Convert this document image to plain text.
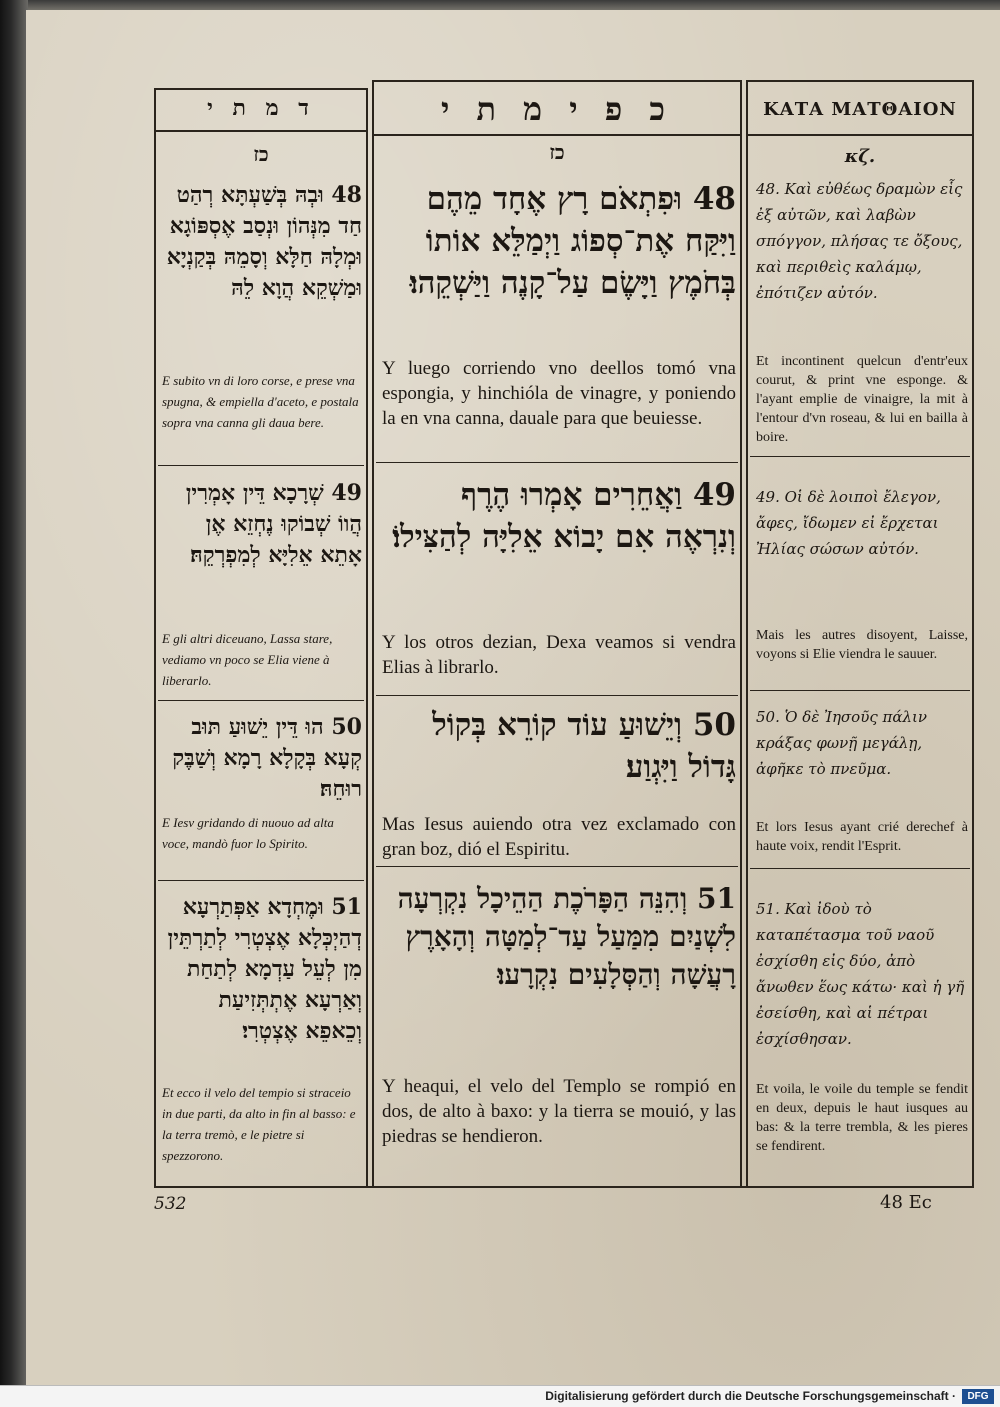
ד מ ת י	כ פ י מ ת י	ΚΑΤΑ ΜΑΤΘΑΙΟΝ
כז	כז	κζ.
48 וּבְהּ בְּשַׁעְתָּא רְהַט חַד מִנְּהוֹן וּנְסַב אֶסְפּוֹגָא וּמְלָהּ חַלָּא וְסָמֵהּ בְּקַנְיָא וּמַשְׁקֵא הֲוָא לֵהּ
E subito vn di loro corse, e prese vna spugna, & empiella d'aceto, e postala sopra vna canna gli daua bere.
48 וּפִתְאֹם רָץ אֶחָד מֵהֶם וַיִּקַּח אֶת־סְפוֹג וַיְמַלֵּא אוֹתוֹ בְּחֹמֶץ וַיָּשֶׂם עַל־קָנֶה וַיַּשְׁקֵהוּ׃
Y luego corriendo vno deellos tomó vna espongia, y hinchióla de vinagre, y poniendo la en vna canna, dauale para que beuiesse.
48. Καὶ εὐθέως δραμὼν εἷς ἐξ αὐτῶν, καὶ λαβὼν σπόγγον, πλήσας τε ὄξους, καὶ περιθεὶς καλάμῳ, ἐπότιζεν αὐτόν.
Et incontinent quelcun d'entr'eux courut, & print vne esponge. & l'ayant emplie de vinaigre, la mit à l'entour d'vn roseau, & lui en bailla à boire.
49 שְׁרָכָא דֵּין אָמְרִין הֲווֹ שְׁבוֹקוּ נֶחְזֵא אֶן אָתֵא אֵלִיָּא לְמִפְרְקֵהּ׃
E gli altri diceuano, Lassa stare, vediamo vn poco se Elia viene à liberarlo.
49 וַאֲחֵרִים אָמְרוּ הֶרֶף וְנִרְאֶה אִם יָבוֹא אֵלִיָּה לְהַצִּילוֹ׃
Y los otros dezian, Dexa veamos si vendra Elias à librarlo.
49. Οἱ δὲ λοιποὶ ἔλεγον, ἄφες, ἴδωμεν εἰ ἔρχεται Ἠλίας σώσων αὐτόν.
Mais les autres disoyent, Laisse, voyons si Elie viendra le sauuer.
50 הוּ דֵּין יֵשׁוּעַ תּוּב קְעָא בְּקָלָא רָמָא וְשַׁבֶּק רוּחֵהּ׃
E Iesv gridando di nuouo ad alta voce, mandò fuor lo Spirito.
50 וְיֵשׁוּעַ עוֹד קוֹרֵא בְּקוֹל גָּדוֹל וַיִּגְוַע׃
Mas Iesus auiendo otra vez exclamado con gran boz, dió el Espiritu.
50. Ὁ δὲ Ἰησοῦς πάλιν κράξας φωνῇ μεγάλῃ, ἀφῆκε τὸ πνεῦμα.
Et lors Iesus ayant crié derechef à haute voix, rendit l'Esprit.
51 וּמֶחְדָא אַפְּתַרְעָא דְהַיְכְּלָא אֶצְטְרִי לְתַרְתֵּין מִן לְעֵל עַדְמָא לְתַחַת וְאַרְעָא אֶתְתְּזִיעַת וְכֵאפֵא אֶצְטְרִי׃
Et ecco il velo del tempio si straceio in due parti, da alto in fin al basso: e la terra tremò, e le pietre si spezzorono.
51 וְהִנֵּה הַפָּרֹכֶת הַהֵיכָל נִקְרְעָה לִשְׁנַיִם מִמַּעַל עַד־לְמַטָּה וְהָאָרֶץ רָעֲשָׁה וְהַסְּלָעִים נִקְרָעוּ׃
Y heaqui, el velo del Templo se rompió en dos, de alto à baxo: y la tierra se mouió, y las piedras se hendieron.
51. Καὶ ἰδοὺ τὸ καταπέτασμα τοῦ ναοῦ ἐσχίσθη εἰς δύο, ἀπὸ ἄνωθεν ἕως κάτω· καὶ ἡ γῆ ἐσείσθη, καὶ αἱ πέτραι ἐσχίσθησαν.
Et voila, le voile du temple se fendit en deux, depuis le haut iusques au bas: & la terre trembla, & les pieres se fendirent.
532	48 Ec
Digitalisierung gefördert durch die Deutsche Forschungsgemeinschaft ·	DFG
